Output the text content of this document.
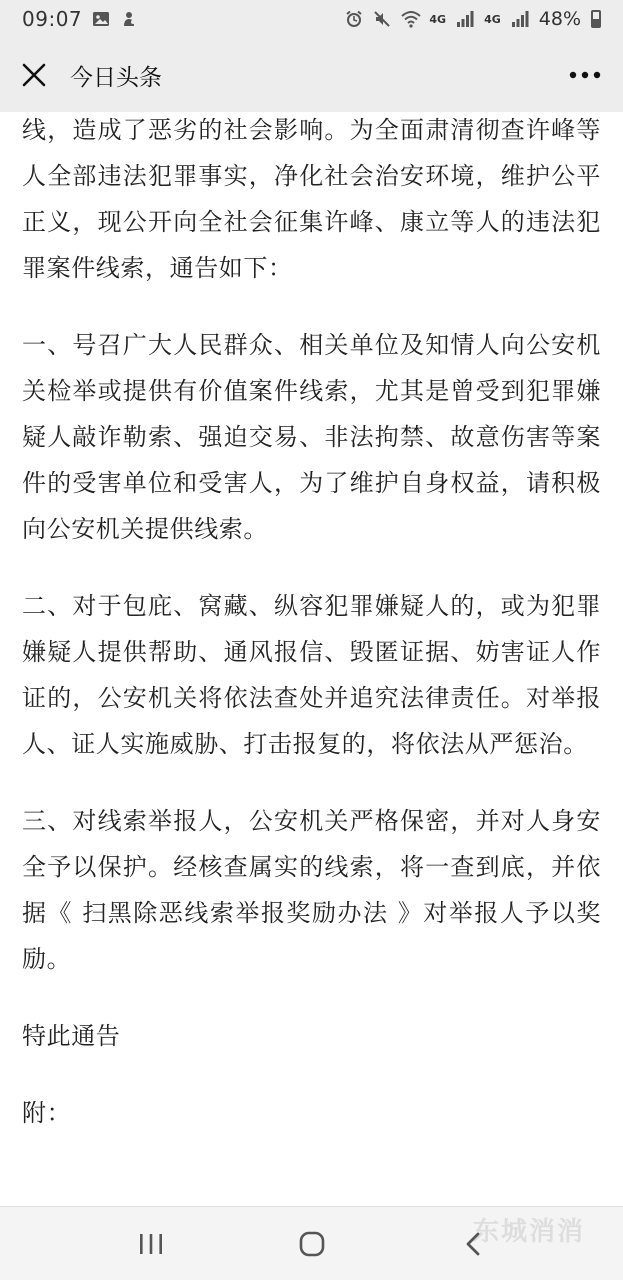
09:07	4G	4G 48%
今日头条

线，造成了恶劣的社会影响。为全面肃清彻查许峰等人全部违法犯罪事实，净化社会治安环境，维护公平正义，现公开向全社会征集许峰、康立等人的违法犯罪案件线索，通告如下：

一、号召广大人民群众、相关单位及知情人向公安机关检举或提供有价值案件线索，尤其是曾受到犯罪嫌疑人敲诈勒索、强迫交易、非法拘禁、故意伤害等案件的受害单位和受害人，为了维护自身权益，请积极向公安机关提供线索。

二、对于包庇、窝藏、纵容犯罪嫌疑人的，或为犯罪嫌疑人提供帮助、通风报信、毁匿证据、妨害证人作证的，公安机关将依法查处并追究法律责任。对举报人、证人实施威胁、打击报复的，将依法从严惩治。

三、对线索举报人，公安机关严格保密，并对人身安全予以保护。经核查属实的线索，将一查到底，并依据《 扫黑除恶线索举报奖励办法 》对举报人予以奖励。

特此通告

附：

东城消消
